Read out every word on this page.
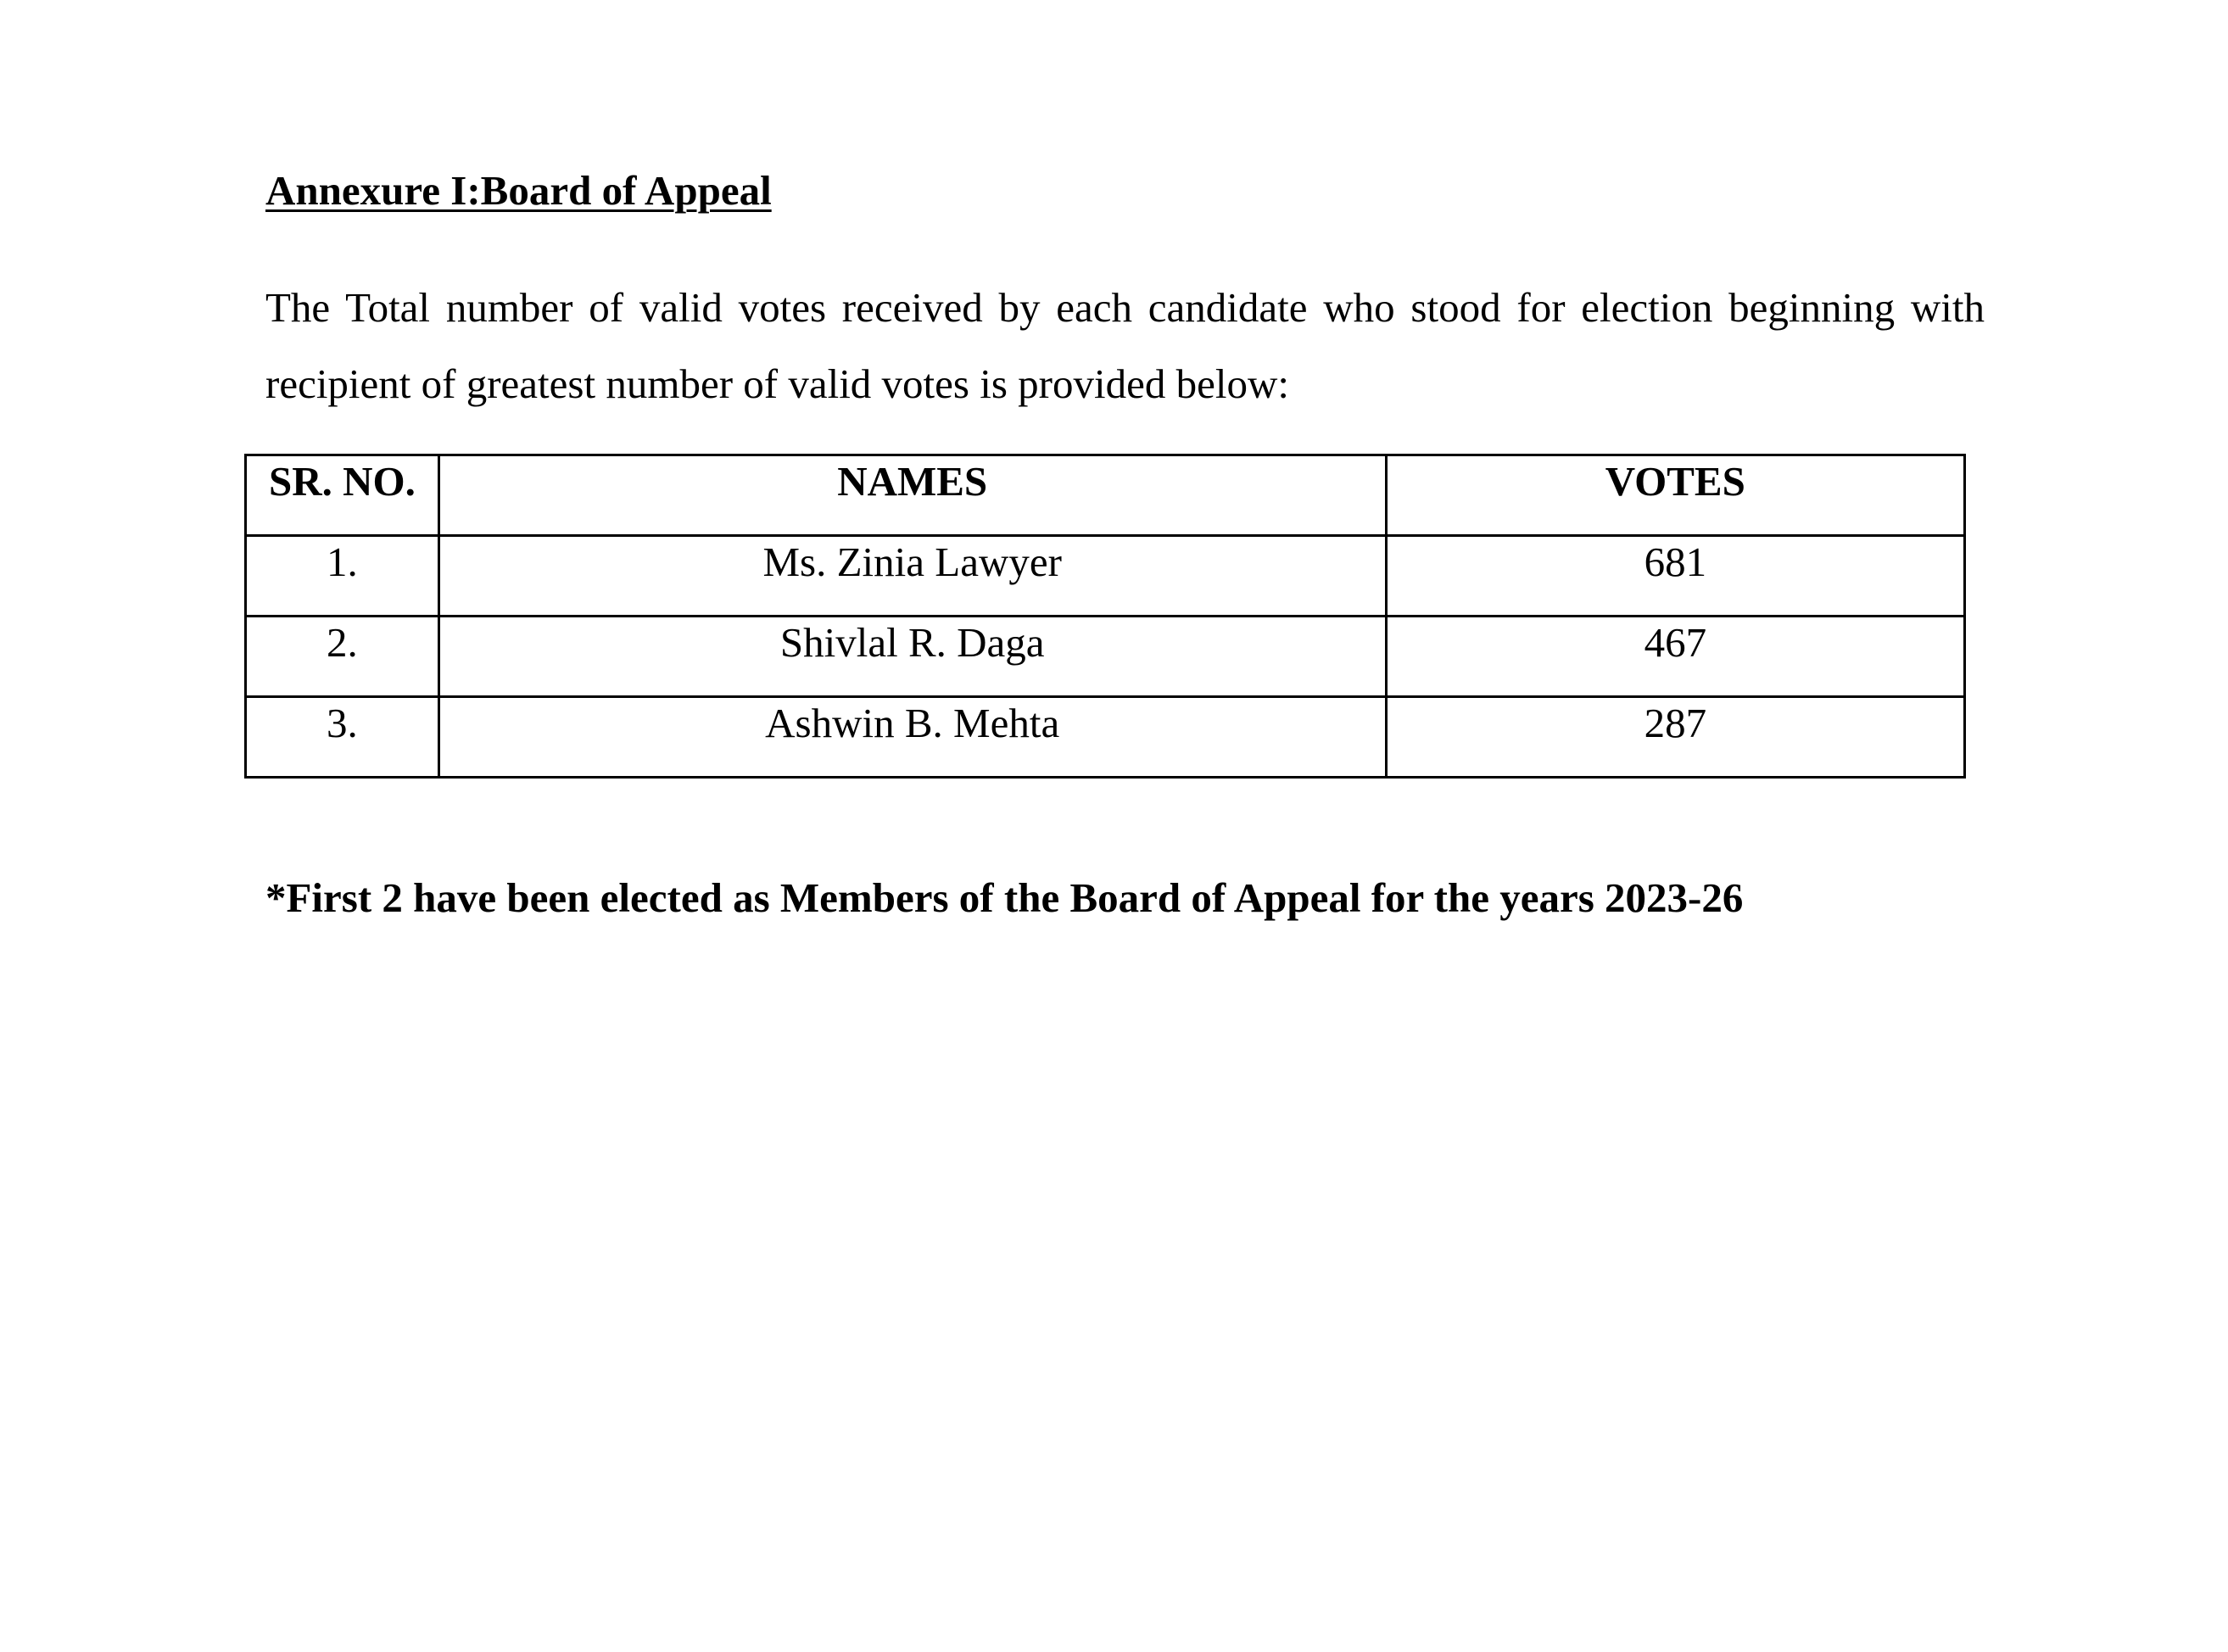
Annexure I:Board of Appeal

The Total number of valid votes received by each candidate who stood for election beginning with recipient of greatest number of valid votes is provided below:

SR. NO.	NAMES	VOTES
1.	Ms. Zinia Lawyer	681
2.	Shivlal R. Daga	467
3.	Ashwin B. Mehta	287

*First 2 have been elected as Members of the Board of Appeal for the years 2023-26
